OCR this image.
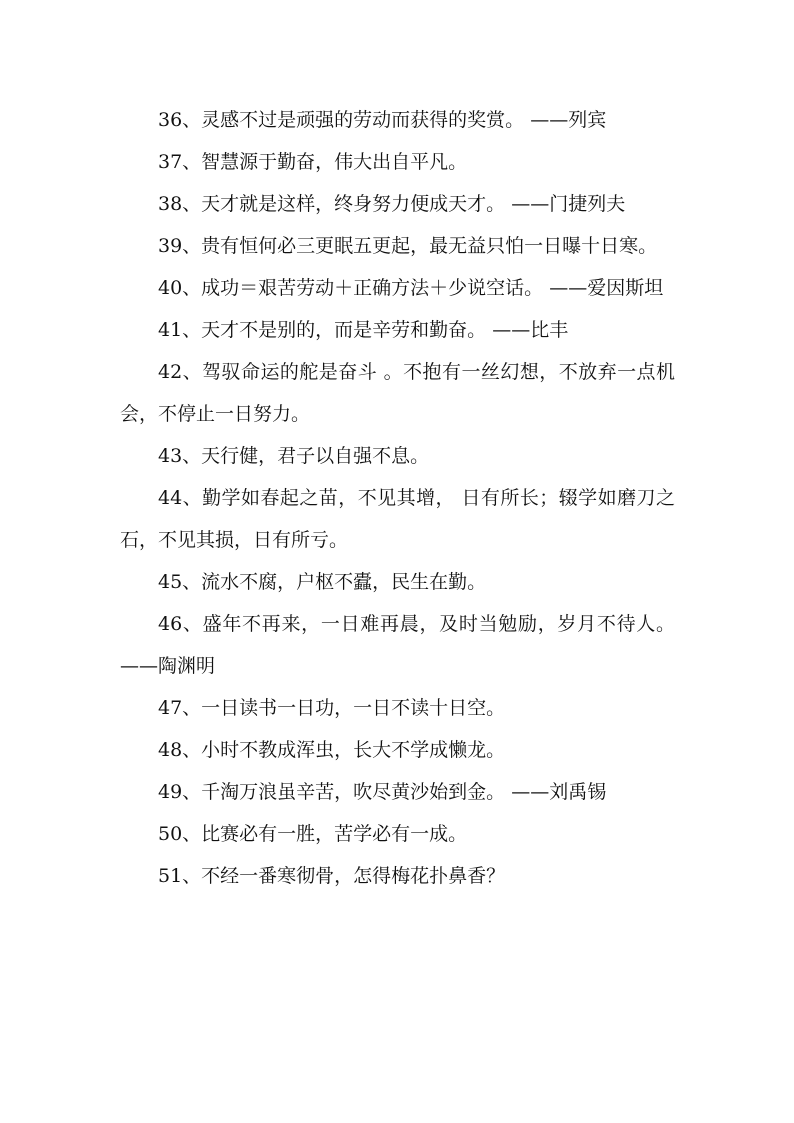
36、灵感不过是顽强的劳动而获得的奖赏。 ——列宾

37、智慧源于勤奋，伟大出自平凡。

38、天才就是这样，终身努力便成天才。 ——门捷列夫

39、贵有恒何必三更眠五更起，最无益只怕一日曝十日寒。

40、成功＝艰苦劳动＋正确方法＋少说空话。 ——爱因斯坦

41、天才不是别的，而是辛劳和勤奋。 ——比丰

42、驾驭命运的舵是奋斗 。不抱有一丝幻想，不放弃一点机会，不停止一日努力。

43、天行健，君子以自强不息。

44、勤学如春起之苗，不见其增， 日有所长；辍学如磨刀之石，不见其损，日有所亏。

45、流水不腐，户枢不蠹，民生在勤。

46、盛年不再来，一日难再晨，及时当勉励，岁月不待人。——陶渊明

47、一日读书一日功，一日不读十日空。

48、小时不教成浑虫，长大不学成懒龙。

49、千淘万浪虽辛苦，吹尽黄沙始到金。 ——刘禹锡

50、比赛必有一胜，苦学必有一成。

51、不经一番寒彻骨，怎得梅花扑鼻香？
